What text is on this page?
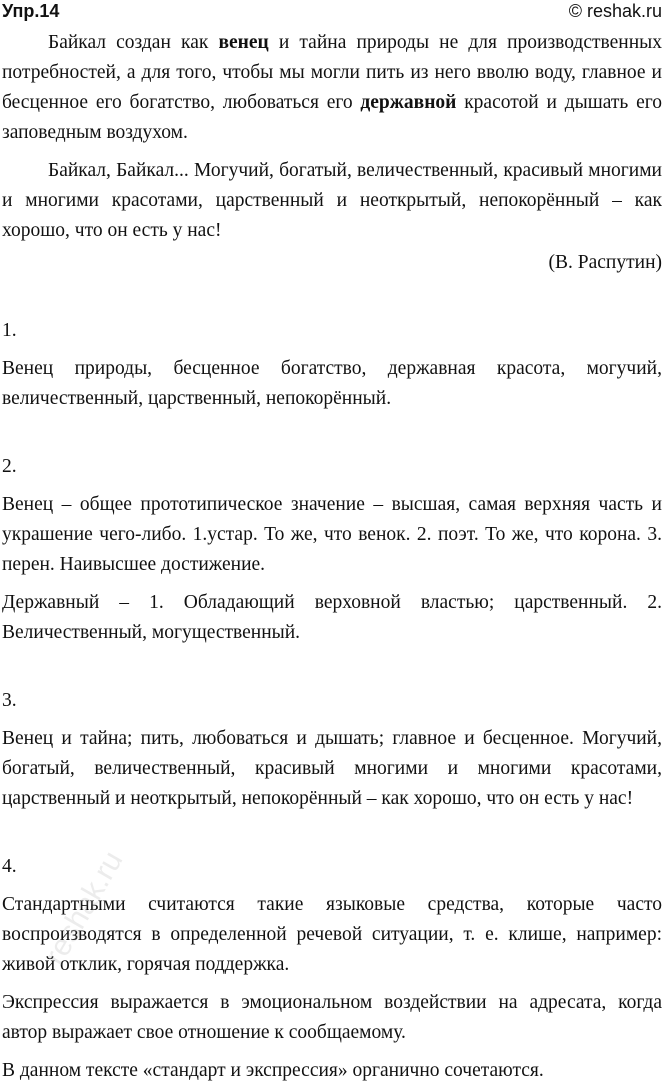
Упр.14	© reshak.ru

Байкал создан как венец и тайна природы не для производственных потребностей, а для того, чтобы мы могли пить из него вволю воду, главное и бесценное его богатство, любоваться его державной красотой и дышать его заповедным воздухом.

Байкал, Байкал... Могучий, богатый, величественный, красивый многими и многими красотами, царственный и неоткрытый, непокорённый – как хорошо, что он есть у нас!

(В. Распутин)

1.

Венец природы, бесценное богатство, державная красота, могучий, величественный, царственный, непокорённый.

2.

Венец – общее прототипическое значение – высшая, самая верхняя часть и украшение чего-либо. 1.устар. То же, что венок. 2. поэт. То же, что корона. 3. перен. Наивысшее достижение.

Державный – 1. Обладающий верховной властью; царственный. 2. Величественный, могущественный.

3.

Венец и тайна; пить, любоваться и дышать; главное и бесценное. Могучий, богатый, величественный, красивый многими и многими красотами, царственный и неоткрытый, непокорённый – как хорошо, что он есть у нас!

4.

Стандартными считаются такие языковые средства, которые часто воспроизводятся в определенной речевой ситуации, т. е. клише, например: живой отклик, горячая поддержка.

Экспрессия выражается в эмоциональном воздействии на адресата, когда автор выражает свое отношение к сообщаемому.

В данном тексте «стандарт и экспрессия» органично сочетаются.

reshak.ru
